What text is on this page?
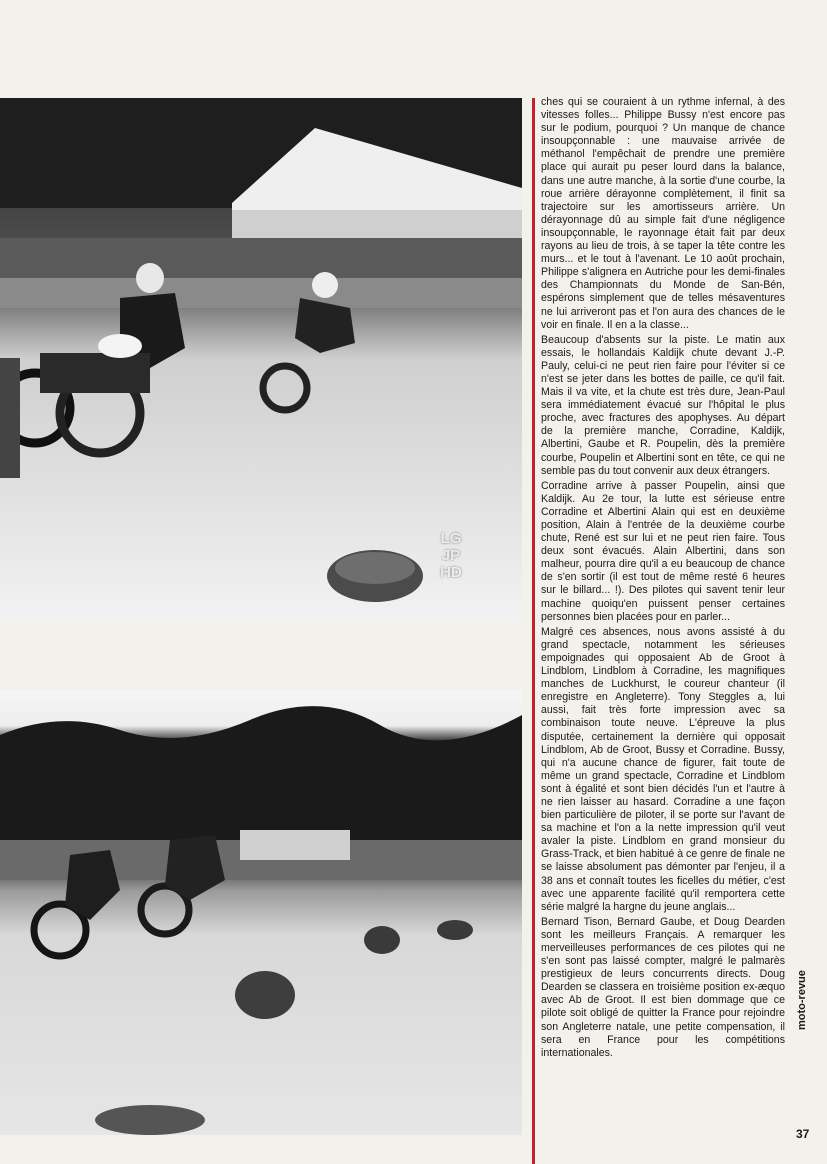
LG
JP
HD

ches qui se couraient à un rythme infernal, à des vitesses folles... Philippe Bussy n'est encore pas sur le podium, pourquoi ? Un manque de chance insoupçonnable : une mauvaise arrivée de méthanol l'empêchait de prendre une première place qui aurait pu peser lourd dans la balance, dans une autre manche, à la sortie d'une courbe, la roue arrière dérayonne complètement, il finit sa trajectoire sur les amortisseurs arrière. Un dérayonnage dû au simple fait d'une négligence insoupçonnable, le rayonnage était fait par deux rayons au lieu de trois, à se taper la tête contre les murs... et le tout à l'avenant. Le 10 août prochain, Philippe s'alignera en Autriche pour les demi-finales des Championnats du Monde de San-Bén, espérons simplement que de telles mésaventures ne lui arriveront pas et l'on aura des chances de le voir en finale. Il en a la classe...

Beaucoup d'absents sur la piste. Le matin aux essais, le hollandais Kaldijk chute devant J.-P. Pauly, celui-ci ne peut rien faire pour l'éviter si ce n'est se jeter dans les bottes de paille, ce qu'il fait. Mais il va vite, et la chute est très dure, Jean-Paul sera immédiatement évacué sur l'hôpital le plus proche, avec fractures des apophyses. Au départ de la première manche, Corradine, Kaldijk, Albertini, Gaube et R. Poupelin, dès la première courbe, Poupelin et Albertini sont en tête, ce qui ne semble pas du tout convenir aux deux étrangers.

Corradine arrive à passer Poupelin, ainsi que Kaldijk. Au 2e tour, la lutte est sérieuse entre Corradine et Albertini Alain qui est en deuxième position, Alain à l'entrée de la deuxième courbe chute, René est sur lui et ne peut rien faire. Tous deux sont évacués. Alain Albertini, dans son malheur, pourra dire qu'il a eu beaucoup de chance de s'en sortir (il est tout de même resté 6 heures sur le billard... !). Des pilotes qui savent tenir leur machine quoiqu'en puissent penser certaines personnes bien placées pour en parler...

Malgré ces absences, nous avons assisté à du grand spectacle, notamment les sérieuses empoignades qui opposaient Ab de Groot à Lindblom, Lindblom à Corradine, les magnifiques manches de Luckhurst, le coureur chanteur (il enregistre en Angleterre). Tony Steggles a, lui aussi, fait très forte impression avec sa combinaison toute neuve. L'épreuve la plus disputée, certainement la dernière qui opposait Lindblom, Ab de Groot, Bussy et Corradine. Bussy, qui n'a aucune chance de figurer, fait toute de même un grand spectacle, Corradine et Lindblom sont à égalité et sont bien décidés l'un et l'autre à ne rien laisser au hasard. Corradine a une façon bien particulière de piloter, il se porte sur l'avant de sa machine et l'on a la nette impression qu'il veut avaler la piste. Lindblom en grand monsieur du Grass-Track, et bien habitué à ce genre de finale ne se laisse absolument pas démonter par l'enjeu, il a 38 ans et connaît toutes les ficelles du métier, c'est avec une apparente facilité qu'il remportera cette série malgré la hargne du jeune anglais...

Bernard Tison, Bernard Gaube, et Doug Dearden sont les meilleurs Français. A remarquer les merveilleuses performances de ces pilotes qui ne s'en sont pas laissé compter, malgré le palmarès prestigieux de leurs concurrents directs. Doug Dearden se classera en troisième position ex-æquo avec Ab de Groot. Il est bien dommage que ce pilote soit obligé de quitter la France pour rejoindre son Angleterre natale, une petite compensation, il sera en France pour les compétitions internationales.

moto-revue
37
